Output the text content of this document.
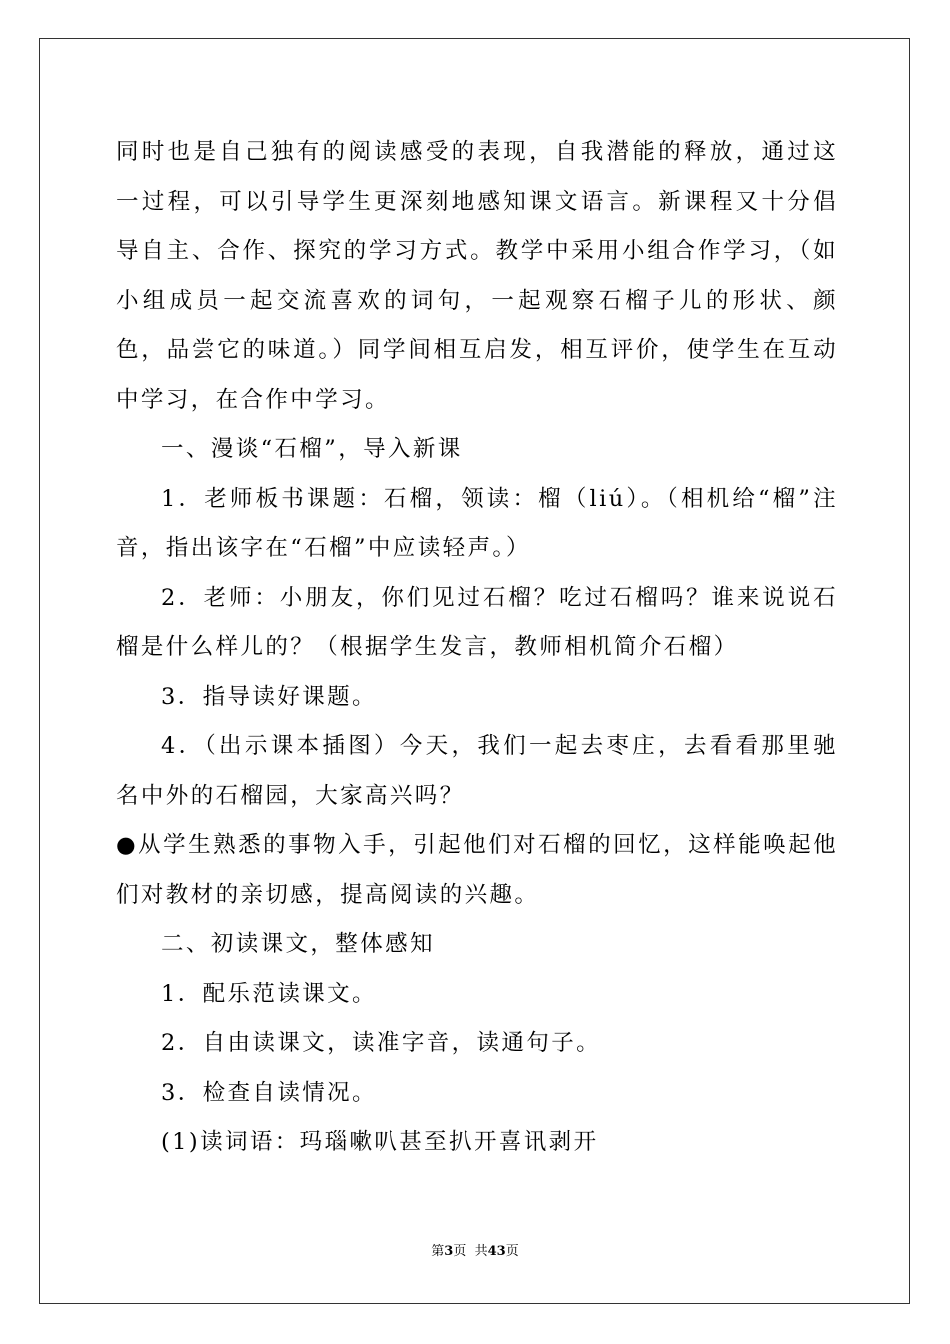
同时也是自己独有的阅读感受的表现，自我潜能的释放，通过这一过程，可以引导学生更深刻地感知课文语言。新课程又十分倡导自主、合作、探究的学习方式。教学中采用小组合作学习，（如小组成员一起交流喜欢的词句，一起观察石榴子儿的形状、颜色，品尝它的味道。）同学间相互启发，相互评价，使学生在互动中学习，在合作中学习。

一、漫谈“石榴”，导入新课

1．老师板书课题：石榴，领读：榴（liú）。（相机给“榴”注音，指出该字在“石榴”中应读轻声。）

2．老师：小朋友，你们见过石榴？吃过石榴吗？谁来说说石榴是什么样儿的？（根据学生发言，教师相机简介石榴）

3．指导读好课题。

4．（出示课本插图）今天，我们一起去枣庄，去看看那里驰名中外的石榴园，大家高兴吗？

●从学生熟悉的事物入手，引起他们对石榴的回忆，这样能唤起他们对教材的亲切感，提高阅读的兴趣。

二、初读课文，整体感知

1．配乐范读课文。

2．自由读课文，读准字音，读通句子。

3．检查自读情况。

(1)读词语：玛瑙嗽叭甚至扒开喜讯剥开

第3页  共43页
